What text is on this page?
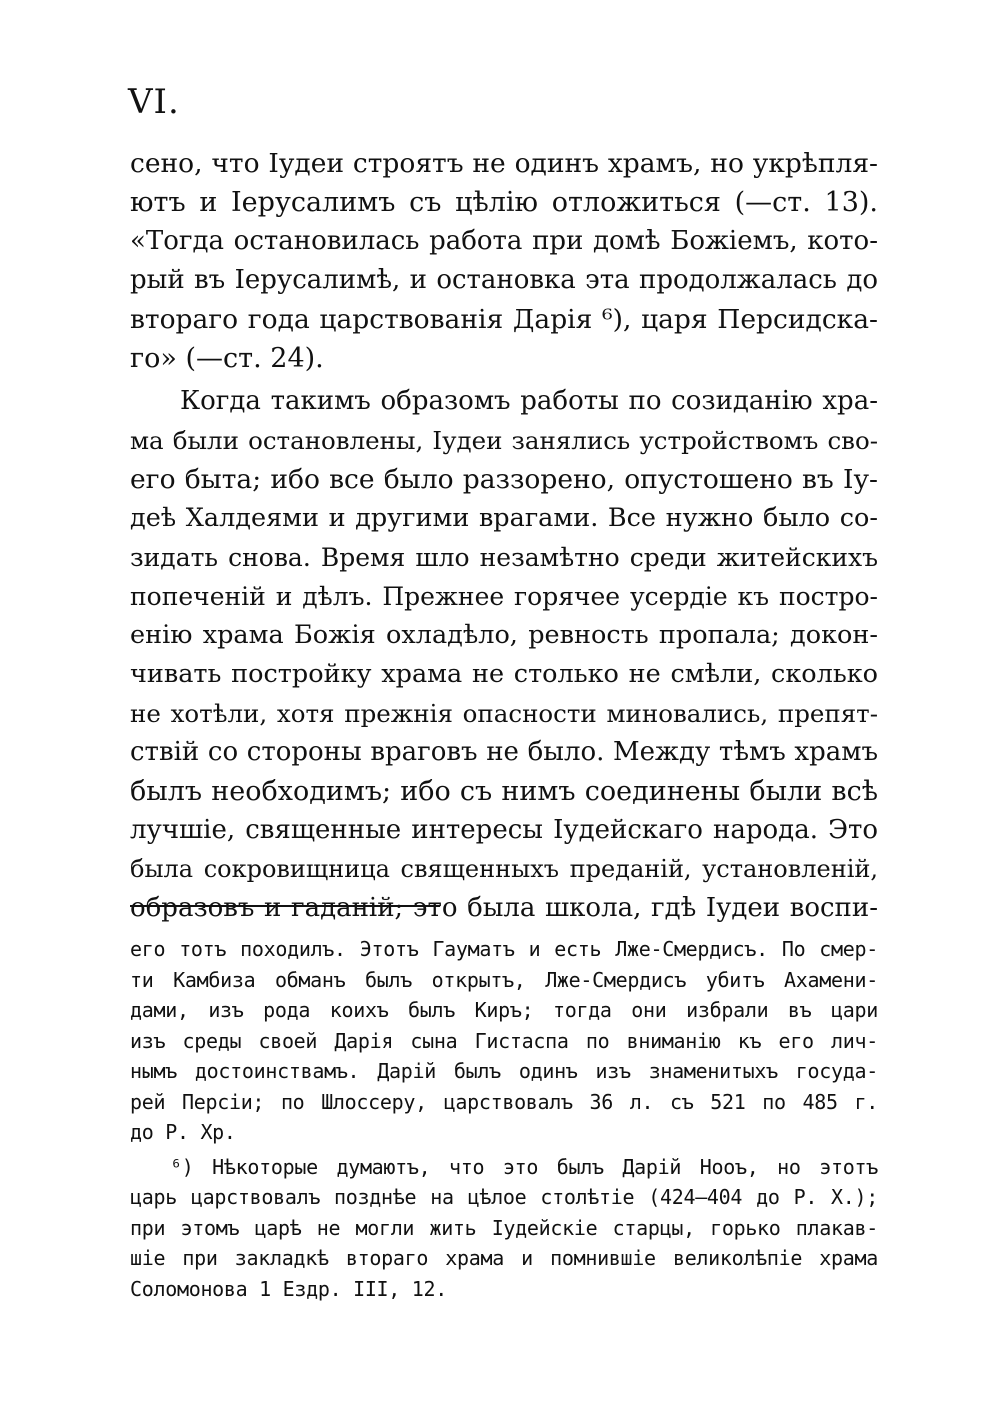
VI.
сено, что Іудеи строятъ не одинъ храмъ, но укрѣпля-
ютъ и Іерусалимъ съ цѣлію отложиться (—ст. 13).
«Тогда остановилась работа при домѣ Божіемъ, кото-
рый въ Іерусалимѣ, и остановка эта продолжалась до
втораго года царствованія Дарія ⁶), царя Персидска-
го» (—ст. 24).
Когда такимъ образомъ работы по созиданію хра-
ма были остановлены, Іудеи занялись устройствомъ сво-
его быта; ибо все было раззорено, опустошено въ Іу-
деѣ Халдеями и другими врагами. Все нужно было со-
зидать снова. Время шло незамѣтно среди житейскихъ
попеченій и дѣлъ. Прежнее горячее усердіе къ постро-
енію храма Божія охладѣло, ревность пропала; докон-
чивать постройку храма не столько не смѣли, сколько
не хотѣли, хотя прежнія опасности миновались, препят-
ствій со стороны враговъ не было. Между тѣмъ храмъ
былъ необходимъ; ибо съ нимъ соединены были всѣ
лучшіе, священные интересы Іудейскаго народа. Это
была сокровищница священныхъ преданій, установленій,
образовъ и гаданій; это была школа, гдѣ Іудеи воспи-
его тотъ походилъ. Этотъ Гауматъ и есть Лже-Смердисъ. По смер-
ти Камбиза обманъ былъ открытъ, Лже-Смердисъ убитъ Ахамени-
дами, изъ рода коихъ былъ Киръ; тогда они избрали въ цари
изъ среды своей Дарія сына Гистаспа по вниманію къ его лич-
нымъ достоинствамъ. Дарій былъ одинъ изъ знаменитыхъ госуда-
рей Персіи; по Шлоссеру, царствовалъ 36 л. съ 521 по 485 г.
до Р. Хр.
⁶) Нѣкоторые думаютъ, что это былъ Дарій Нооъ, но этотъ
царь царствовалъ позднѣе на цѣлое столѣтіе (424—404 до Р. Х.);
при этомъ царѣ не могли жить Іудейскіе старцы, горько плакав-
шіе при закладкѣ втораго храма и помнившіе великолѣпіе храма
Соломонова 1 Ездр. III, 12.
